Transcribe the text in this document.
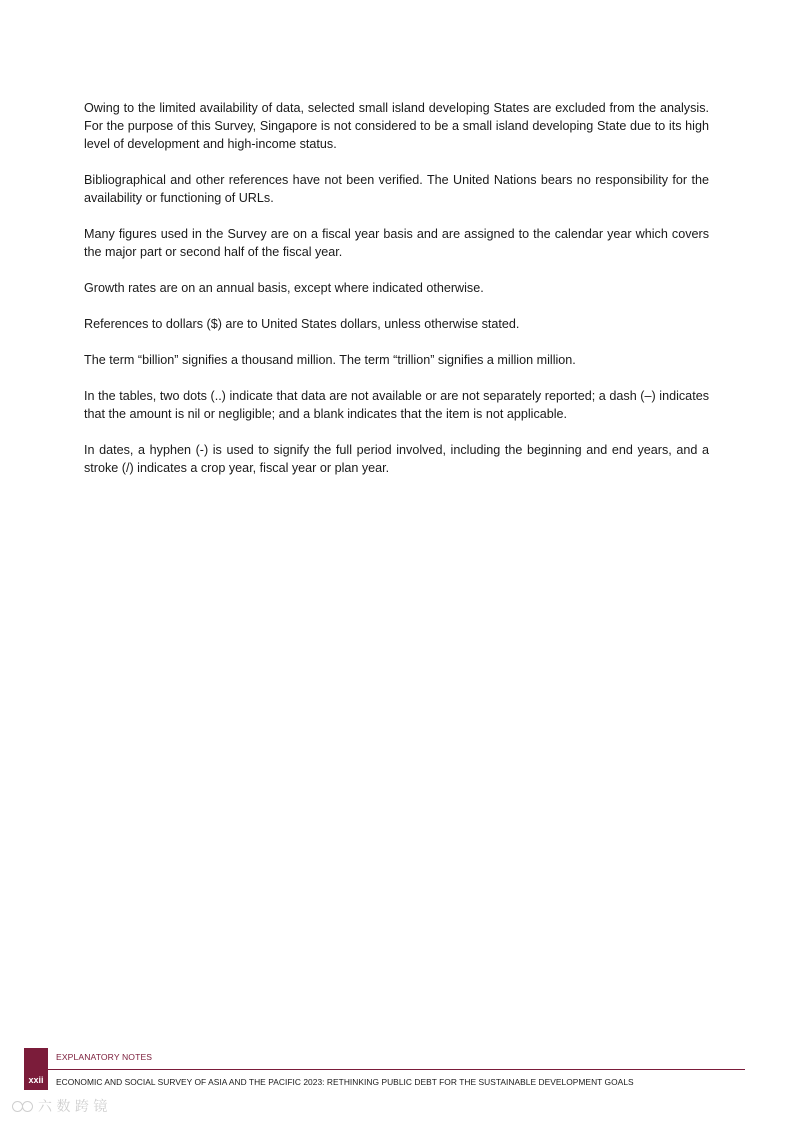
Owing to the limited availability of data, selected small island developing States are excluded from the analysis. For the purpose of this Survey, Singapore is not considered to be a small island developing State due to its high level of development and high-income status.

Bibliographical and other references have not been verified. The United Nations bears no responsibility for the availability or functioning of URLs.

Many figures used in the Survey are on a fiscal year basis and are assigned to the calendar year which covers the major part or second half of the fiscal year.

Growth rates are on an annual basis, except where indicated otherwise.

References to dollars ($) are to United States dollars, unless otherwise stated.

The term “billion” signifies a thousand million. The term “trillion” signifies a million million.

In the tables, two dots (..) indicate that data are not available or are not separately reported; a dash (–) indicates that the amount is nil or negligible; and a blank indicates that the item is not applicable.

In dates, a hyphen (-) is used to signify the full period involved, including the beginning and end years, and a stroke (/) indicates a crop year, fiscal year or plan year.

xxii
EXPLANATORY NOTES
ECONOMIC AND SOCIAL SURVEY OF ASIA AND THE PACIFIC 2023: RETHINKING PUBLIC DEBT FOR THE SUSTAINABLE DEVELOPMENT GOALS
六 数 跨 镜
